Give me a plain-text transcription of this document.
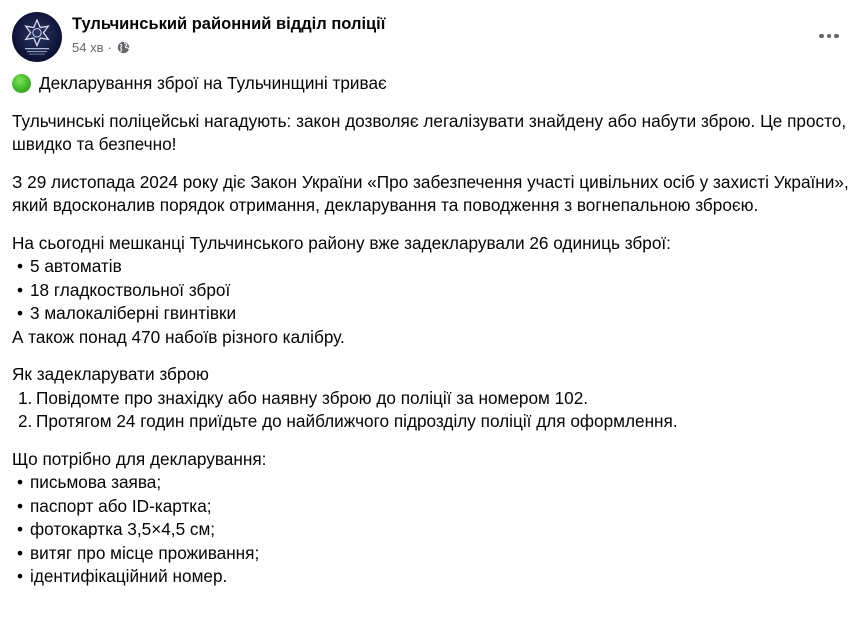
Тульчинський районний відділ поліції
54 хв ·

Декларування зброї на Тульчинщині триває

Тульчинські поліцейські нагадують: закон дозволяє легалізувати знайдену або набути зброю. Це просто, швидко та безпечно!

З 29 листопада 2024 року діє Закон України «Про забезпечення участі цивільних осіб у захисті України», який вдосконалив порядок отримання, декларування та поводження з вогнепальною зброєю.

На сьогодні мешканці Тульчинського району вже задекларували 26 одиниць зброї:

• 5 автоматів
• 18 гладкоствольної зброї
• 3 малокаліберні гвинтівки

А також понад 470 набоїв різного калібру.

Як задекларувати зброю

1. Повідомте про знахідку або наявну зброю до поліції за номером 102.
2. Протягом 24 годин приїдьте до найближчого підрозділу поліції для оформлення.

Що потрібно для декларування:

• письмова заява;
• паспорт або ID-картка;
• фотокартка 3,5×4,5 см;
• витяг про місце проживання;
• ідентифікаційний номер.
